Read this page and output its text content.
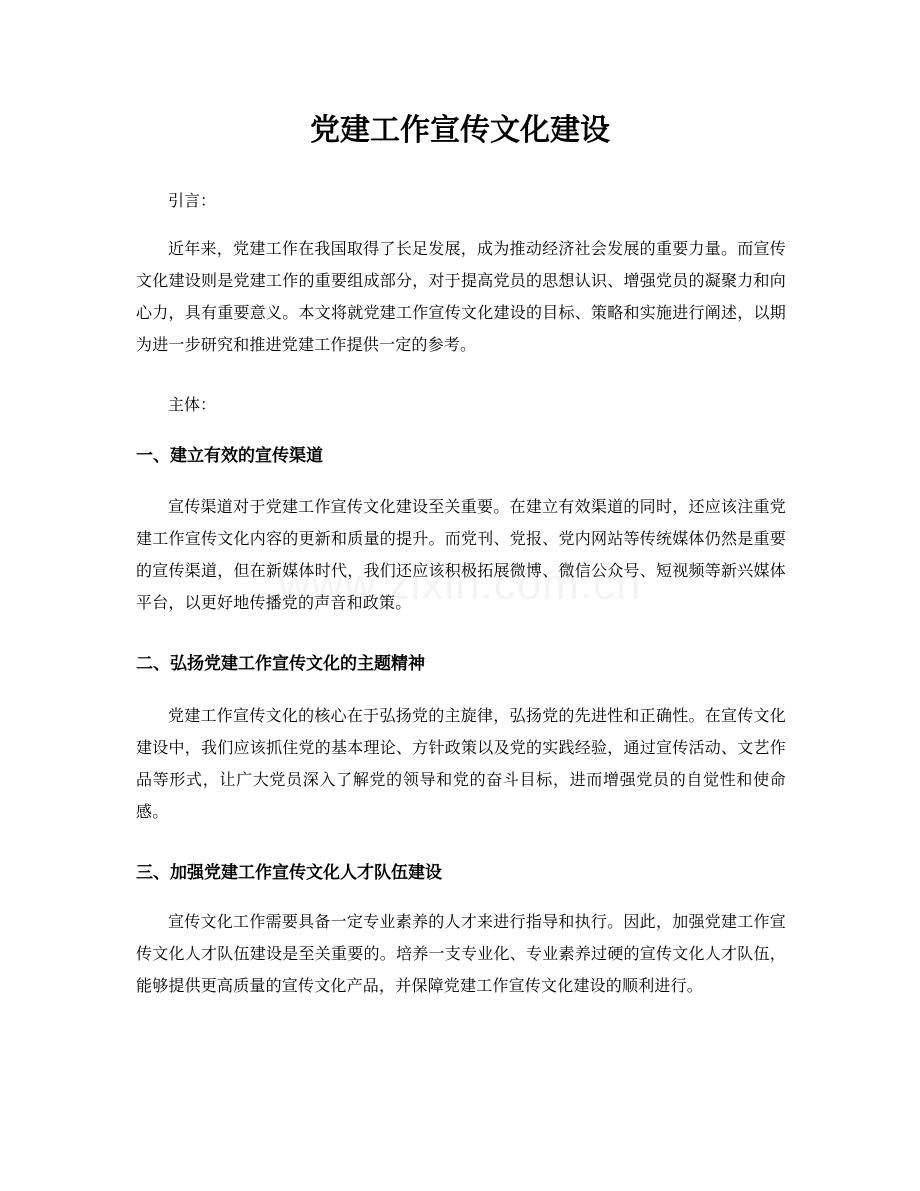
党建工作宣传文化建设

引言：

近年来，党建工作在我国取得了长足发展，成为推动经济社会发展的重要力量。而宣传文化建设则是党建工作的重要组成部分，对于提高党员的思想认识、增强党员的凝聚力和向心力，具有重要意义。本文将就党建工作宣传文化建设的目标、策略和实施进行阐述，以期为进一步研究和推进党建工作提供一定的参考。

主体：

一、建立有效的宣传渠道

宣传渠道对于党建工作宣传文化建设至关重要。在建立有效渠道的同时，还应该注重党建工作宣传文化内容的更新和质量的提升。而党刊、党报、党内网站等传统媒体仍然是重要的宣传渠道，但在新媒体时代，我们还应该积极拓展微博、微信公众号、短视频等新兴媒体平台，以更好地传播党的声音和政策。

二、弘扬党建工作宣传文化的主题精神

党建工作宣传文化的核心在于弘扬党的主旋律，弘扬党的先进性和正确性。在宣传文化建设中，我们应该抓住党的基本理论、方针政策以及党的实践经验，通过宣传活动、文艺作品等形式，让广大党员深入了解党的领导和党的奋斗目标，进而增强党员的自觉性和使命感。

三、加强党建工作宣传文化人才队伍建设

宣传文化工作需要具备一定专业素养的人才来进行指导和执行。因此，加强党建工作宣传文化人才队伍建设是至关重要的。培养一支专业化、专业素养过硬的宣传文化人才队伍，能够提供更高质量的宣传文化产品，并保障党建工作宣传文化建设的顺利进行。
